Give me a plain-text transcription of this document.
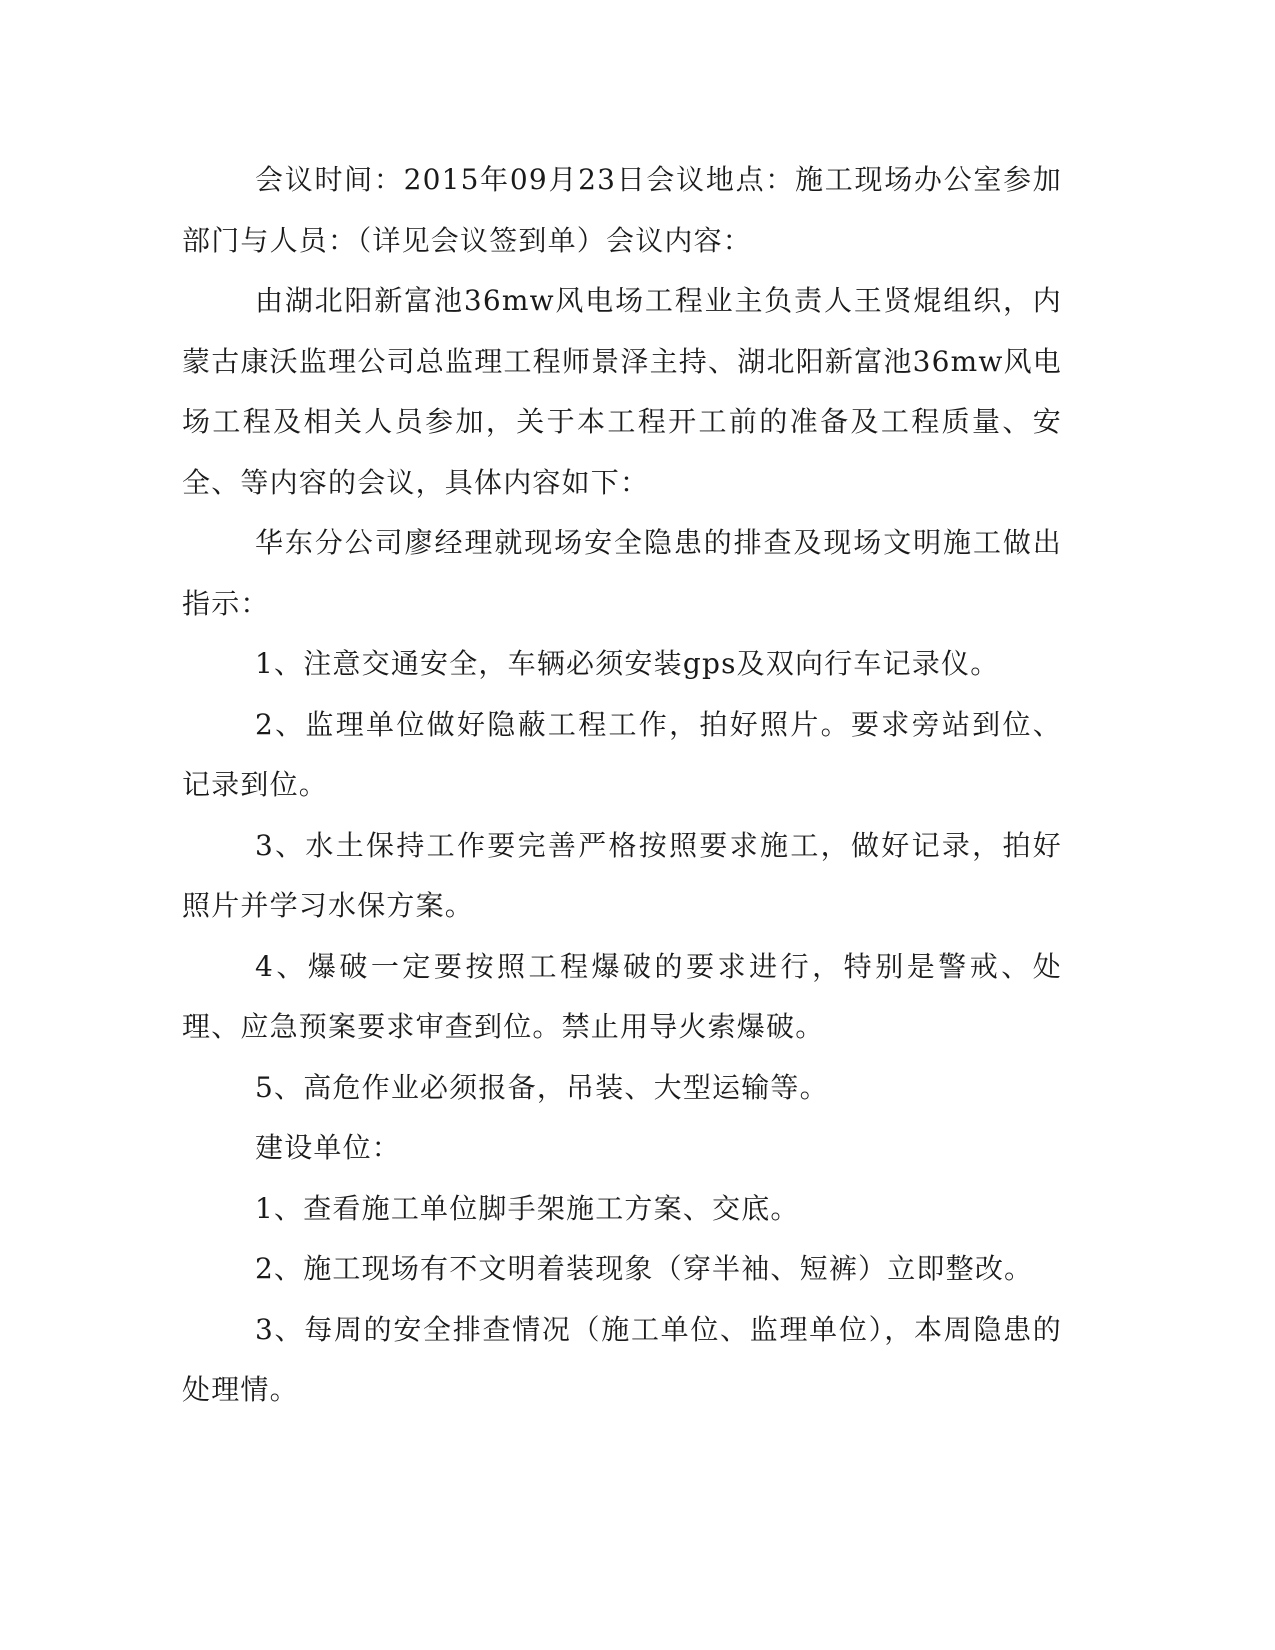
会议时间：2015年09月23日会议地点：施工现场办公室参加部门与人员：（详见会议签到单）会议内容：

由湖北阳新富池36mw风电场工程业主负责人王贤焜组织，内蒙古康沃监理公司总监理工程师景泽主持、湖北阳新富池36mw风电场工程及相关人员参加，关于本工程开工前的准备及工程质量、安全、等内容的会议，具体内容如下：

华东分公司廖经理就现场安全隐患的排查及现场文明施工做出指示：

1、注意交通安全，车辆必须安装gps及双向行车记录仪。

2、监理单位做好隐蔽工程工作，拍好照片。要求旁站到位、记录到位。

3、水土保持工作要完善严格按照要求施工，做好记录，拍好照片并学习水保方案。

4、爆破一定要按照工程爆破的要求进行，特别是警戒、处理、应急预案要求审查到位。禁止用导火索爆破。

5、高危作业必须报备，吊装、大型运输等。

建设单位：

1、查看施工单位脚手架施工方案、交底。

2、施工现场有不文明着装现象（穿半袖、短裤）立即整改。

3、每周的安全排查情况（施工单位、监理单位），本周隐患的处理情。
